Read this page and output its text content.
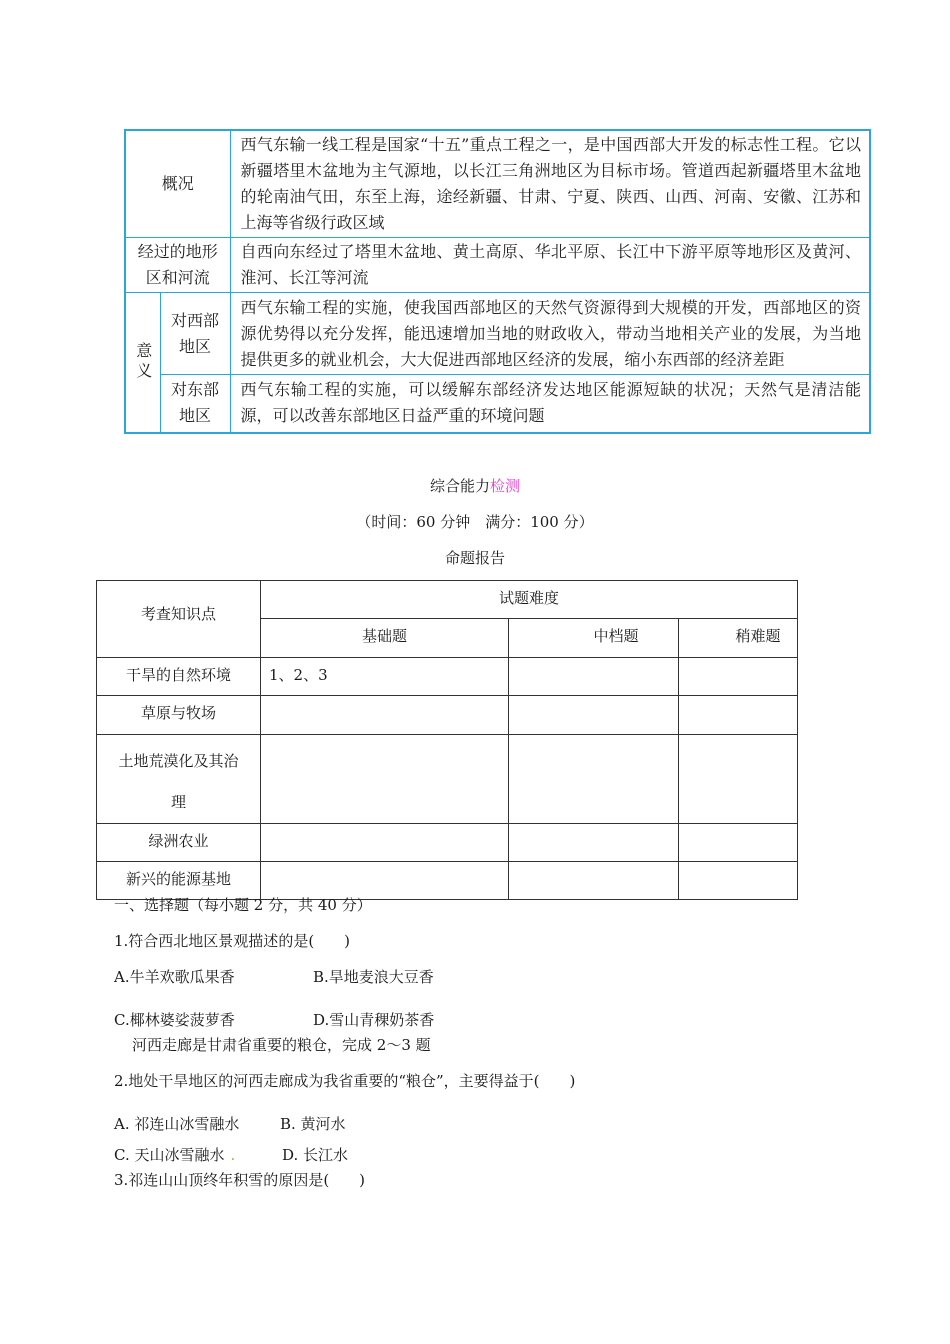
概况		西气东输一线工程是国家“十五”重点工程之一，是中国西部大开发的标志性工程。它以新疆塔里木盆地为主气源地，以长江三角洲地区为目标市场。管道西起新疆塔里木盆地的轮南油气田，东至上海，途经新疆、甘肃、宁夏、陕西、山西、河南、安徽、江苏和上海等省级行政区域
经过的地形区和河流		自西向东经过了塔里木盆地、黄土高原、华北平原、长江中下游平原等地形区及黄河、淮河、长江等河流

意义	对西部地区	西气东输工程的实施，使我国西部地区的天然气资源得到大规模的开发，西部地区的资源优势得以充分发挥，能迅速增加当地的财政收入，带动当地相关产业的发展，为当地提供更多的就业机会，大大促进西部地区经济的发展，缩小东西部的经济差距
	对东部地区	西气东输工程的实施，可以缓解东部经济发达地区能源短缺的状况；天然气是清洁能源，可以改善东部地区日益严重的环境问题
综合能力检测
（时间：60 分钟　满分：100 分）
命题报告
考查知识点	试题难度		
	基础题	中档题	稍难题
干旱的自然环境	1、2、3		
草原与牧场			

土地荒漠化及其治
理			

绿洲农业			
新兴的能源基地			
一、选择题（每小题 2 分，共 40 分）
1.符合西北地区景观描述的是(　　)
A.牛羊欢歌瓜果香	B.旱地麦浪大豆香
C.椰林婆娑菠萝香	D.雪山青稞奶茶香
河西走廊是甘肃省重要的粮仓，完成 2～3 题
2.地处干旱地区的河西走廊成为我省重要的“粮仓”，主要得益于(　　)
A. 祁连山冰雪融水	B. 黄河水
C. 天山冰雪融水 .	D. 长江水
3.祁连山山顶终年积雪的原因是(　　)
